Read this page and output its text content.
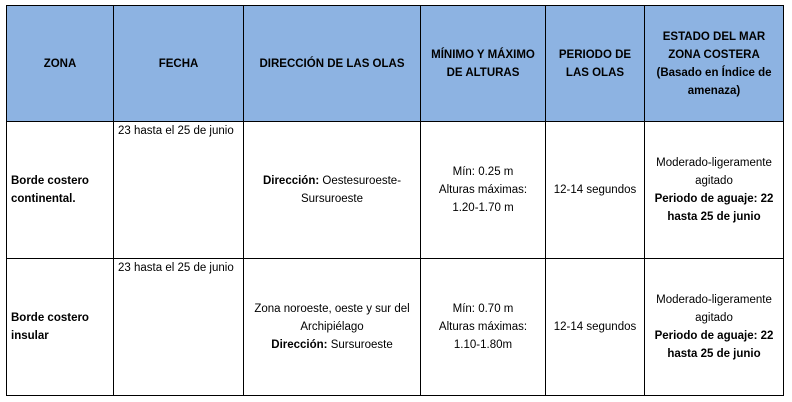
ZONA	FECHA	DIRECCIÓN DE LAS OLAS	MÍNIMO Y MÁXIMO DE ALTURAS	PERIODO DE LAS OLAS	ESTADO DEL MAR
ZONA COSTERA
(Basado en Índice de amenaza)

Borde costero continental.	23 hasta el 25 de junio	Dirección: Oestesuroeste-Sursuroeste	Mín: 0.25 m
Alturas máximas:
1.20-1.70 m	12-14 segundos	Moderado-ligeramente agitado
Periodo de aguaje: 22 hasta 25 de junio

Borde costero insular	23 hasta el 25 de junio	Zona noroeste, oeste y sur del Archipiélago
Dirección: Sursuroeste	Mín: 0.70 m
Alturas máximas:
1.10-1.80m	12-14 segundos	Moderado-ligeramente agitado
Periodo de aguaje: 22 hasta 25 de junio
